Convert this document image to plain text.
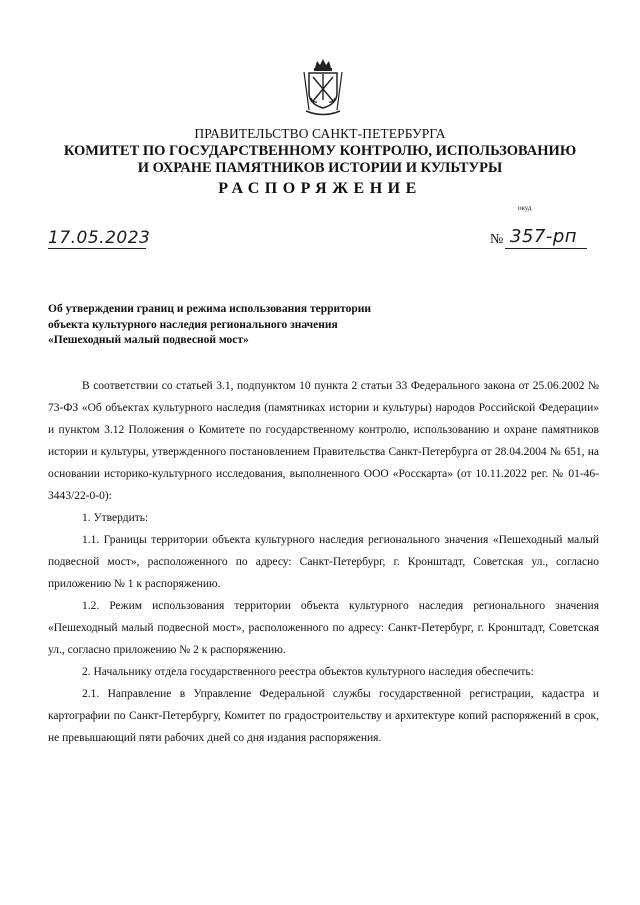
ПРАВИТЕЛЬСТВО САНКТ-ПЕТЕРБУРГА
КОМИТЕТ ПО ГОСУДАРСТВЕННОМУ КОНТРОЛЮ, ИСПОЛЬЗОВАНИЮ
И ОХРАНЕ ПАМЯТНИКОВ ИСТОРИИ И КУЛЬТУРЫ
РАСПОРЯЖЕНИЕ
окуд
17.05.2023	№ 357-рп
Об утверждении границ и режима использования территории
объекта культурного наследия регионального значения
«Пешеходный малый подвесной мост»

В соответствии со статьей 3.1, подпунктом 10 пункта 2 статьи 33 Федерального закона от 25.06.2002 № 73-ФЗ «Об объектах культурного наследия (памятниках истории и культуры) народов Российской Федерации» и пунктом 3.12 Положения о Комитете по государственному контролю, использованию и охране памятников истории и культуры, утвержденного постановлением Правительства Санкт-Петербурга от 28.04.2004 № 651, на основании историко-культурного исследования, выполненного ООО «Росскарта» (от 10.11.2022 рег. № 01-46-3443/22-0-0):

1. Утвердить:

1.1. Границы территории объекта культурного наследия регионального значения «Пешеходный малый подвесной мост», расположенного по адресу: Санкт-Петербург, г. Кронштадт, Советская ул., согласно приложению № 1 к распоряжению.

1.2. Режим использования территории объекта культурного наследия регионального значения «Пешеходный малый подвесной мост», расположенного по адресу: Санкт-Петербург, г. Кронштадт, Советская ул., согласно приложению № 2 к распоряжению.

2. Начальнику отдела государственного реестра объектов культурного наследия обеспечить:

2.1. Направление в Управление Федеральной службы государственной регистрации, кадастра и картографии по Санкт-Петербургу, Комитет по градостроительству и архитектуре копий распоряжений в срок, не превышающий пяти рабочих дней со дня издания распоряжения.
